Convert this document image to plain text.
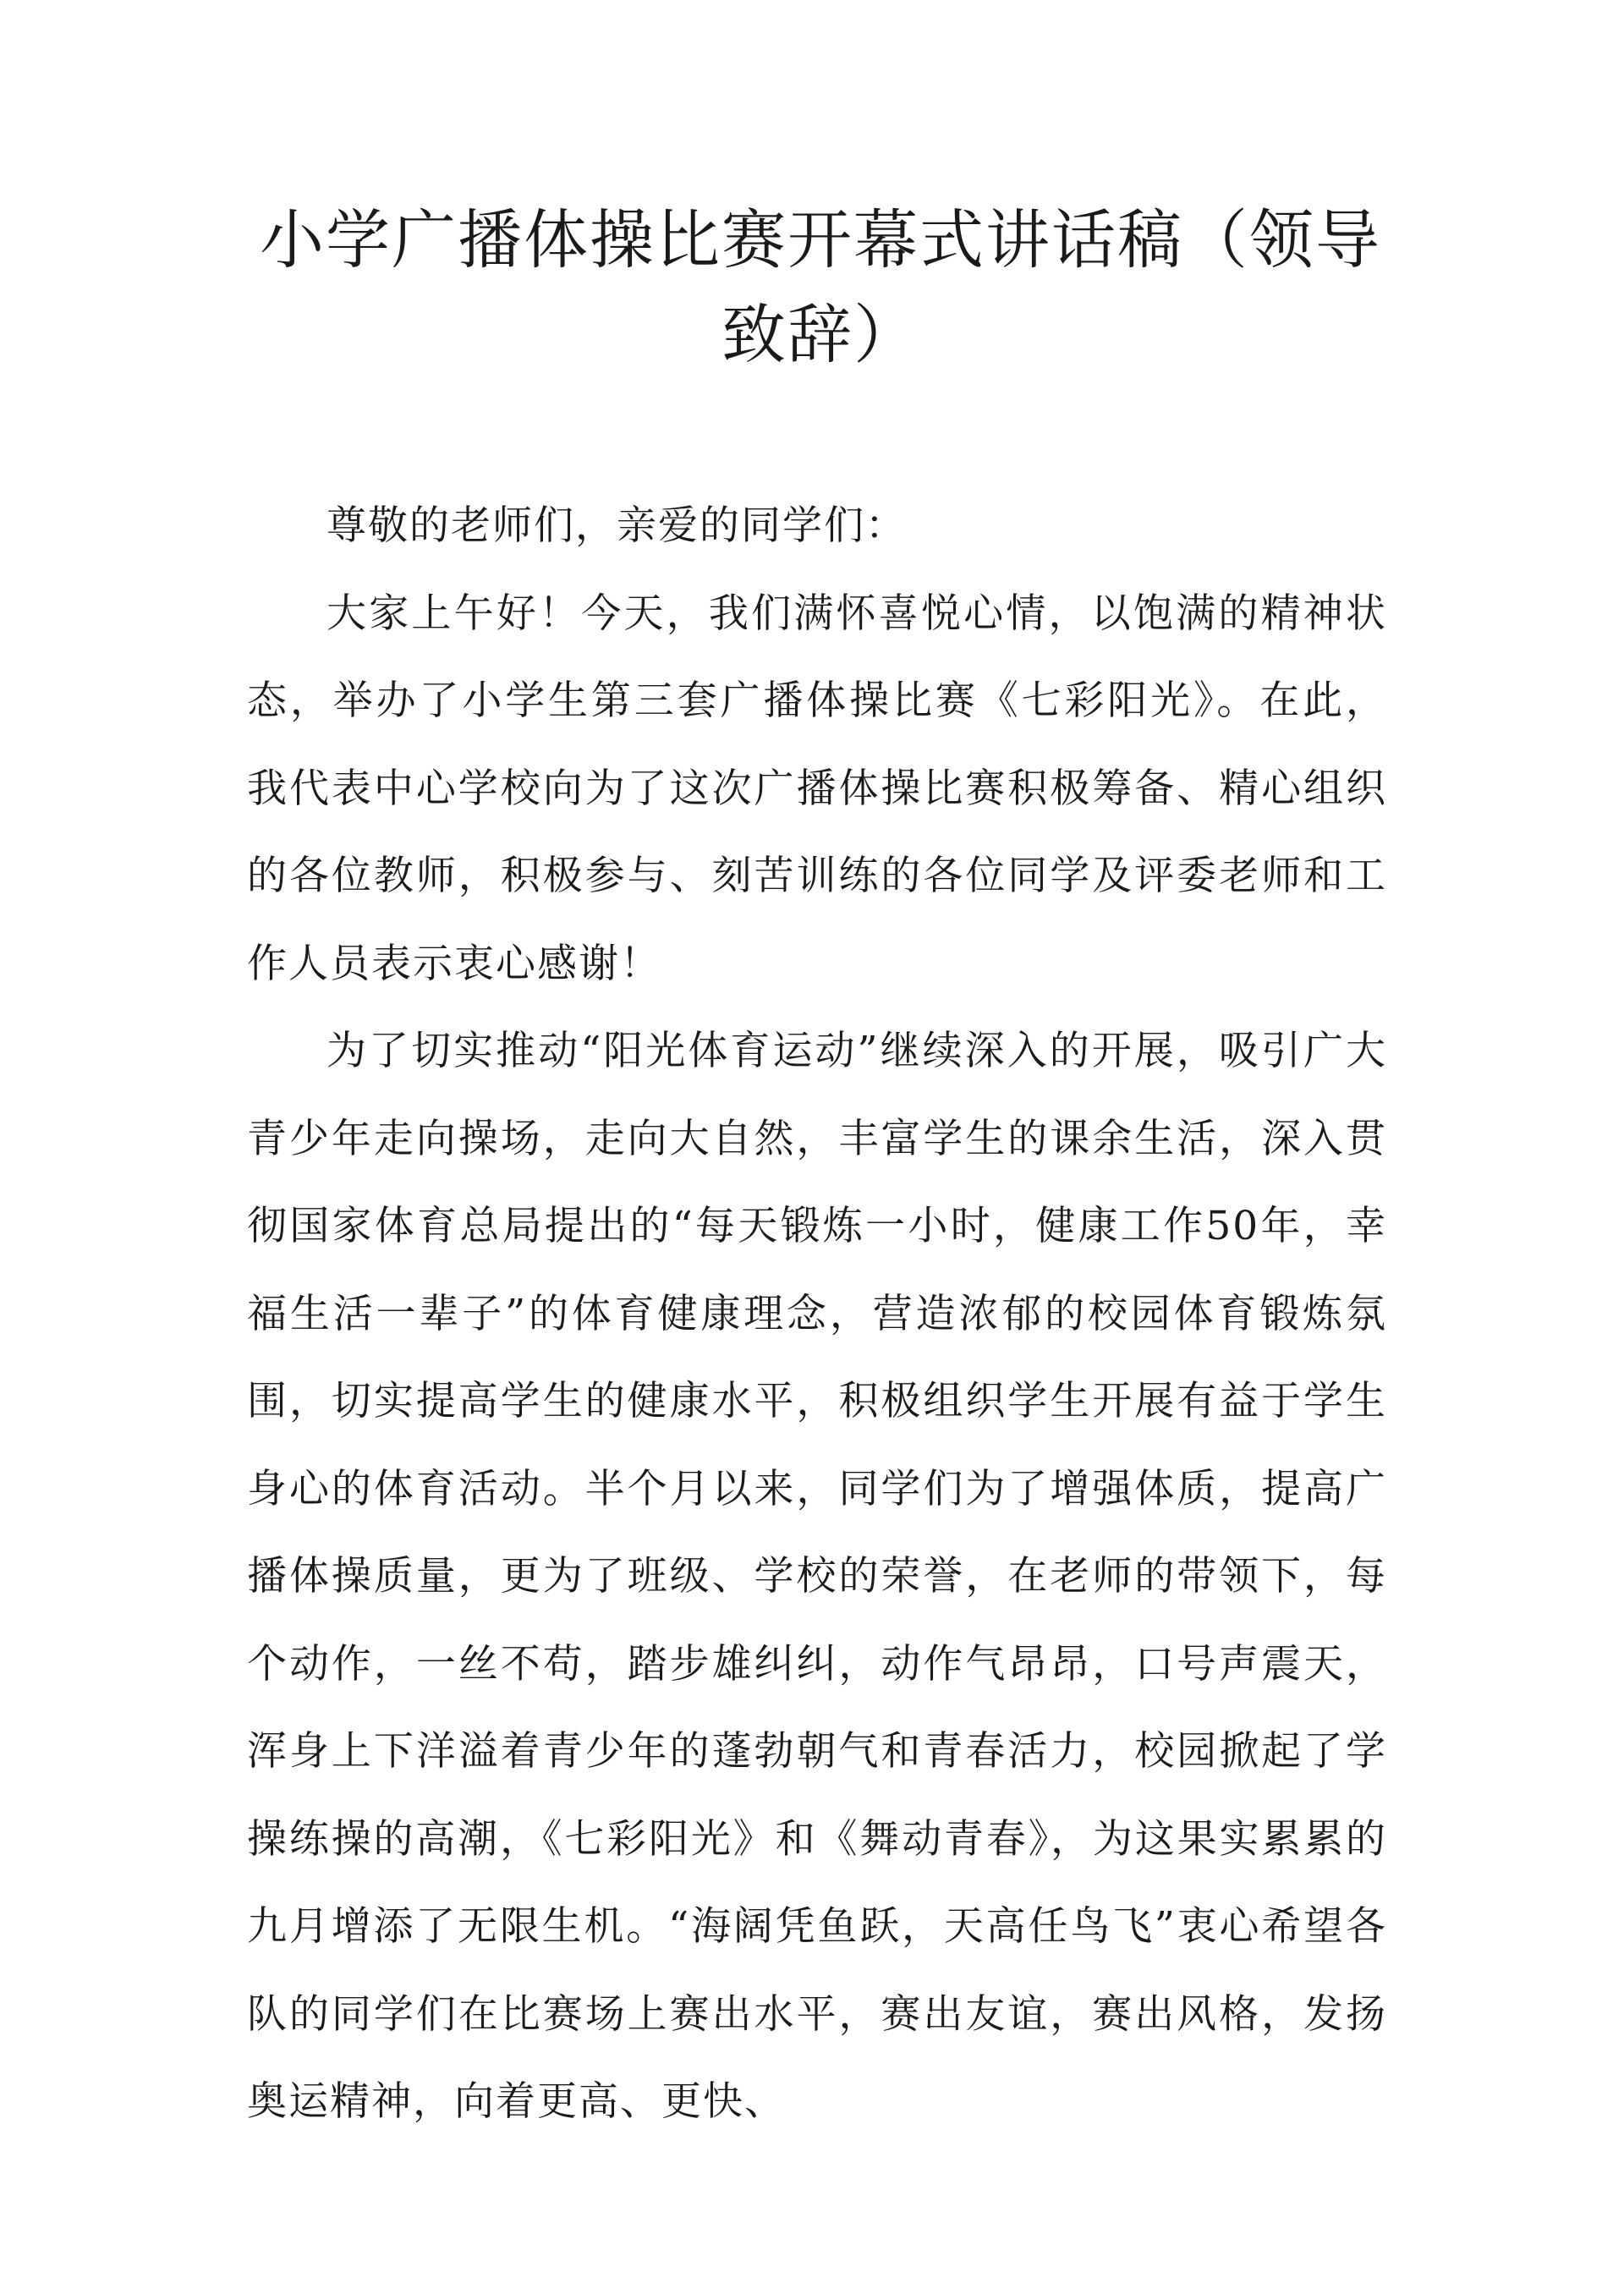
小学广播体操比赛开幕式讲话稿（领导致辞）

尊敬的老师们，亲爱的同学们：

大家上午好！今天，我们满怀喜悦心情，以饱满的精神状态，举办了小学生第三套广播体操比赛《七彩阳光》。在此，我代表中心学校向为了这次广播体操比赛积极筹备、精心组织的各位教师，积极参与、刻苦训练的各位同学及评委老师和工作人员表示衷心感谢！

为了切实推动“阳光体育运动”继续深入的开展，吸引广大青少年走向操场，走向大自然，丰富学生的课余生活，深入贯彻国家体育总局提出的“每天锻炼一小时，健康工作50年，幸福生活一辈子”的体育健康理念，营造浓郁的校园体育锻炼氛围，切实提高学生的健康水平，积极组织学生开展有益于学生身心的体育活动。半个月以来，同学们为了增强体质，提高广播体操质量，更为了班级、学校的荣誉，在老师的带领下，每个动作，一丝不苟，踏步雄纠纠，动作气昂昂，口号声震天，浑身上下洋溢着青少年的蓬勃朝气和青春活力，校园掀起了学操练操的高潮，《七彩阳光》和《舞动青春》，为这果实累累的九月增添了无限生机。“海阔凭鱼跃，天高任鸟飞”衷心希望各队的同学们在比赛场上赛出水平，赛出友谊，赛出风格，发扬奥运精神，向着更高、更快、
